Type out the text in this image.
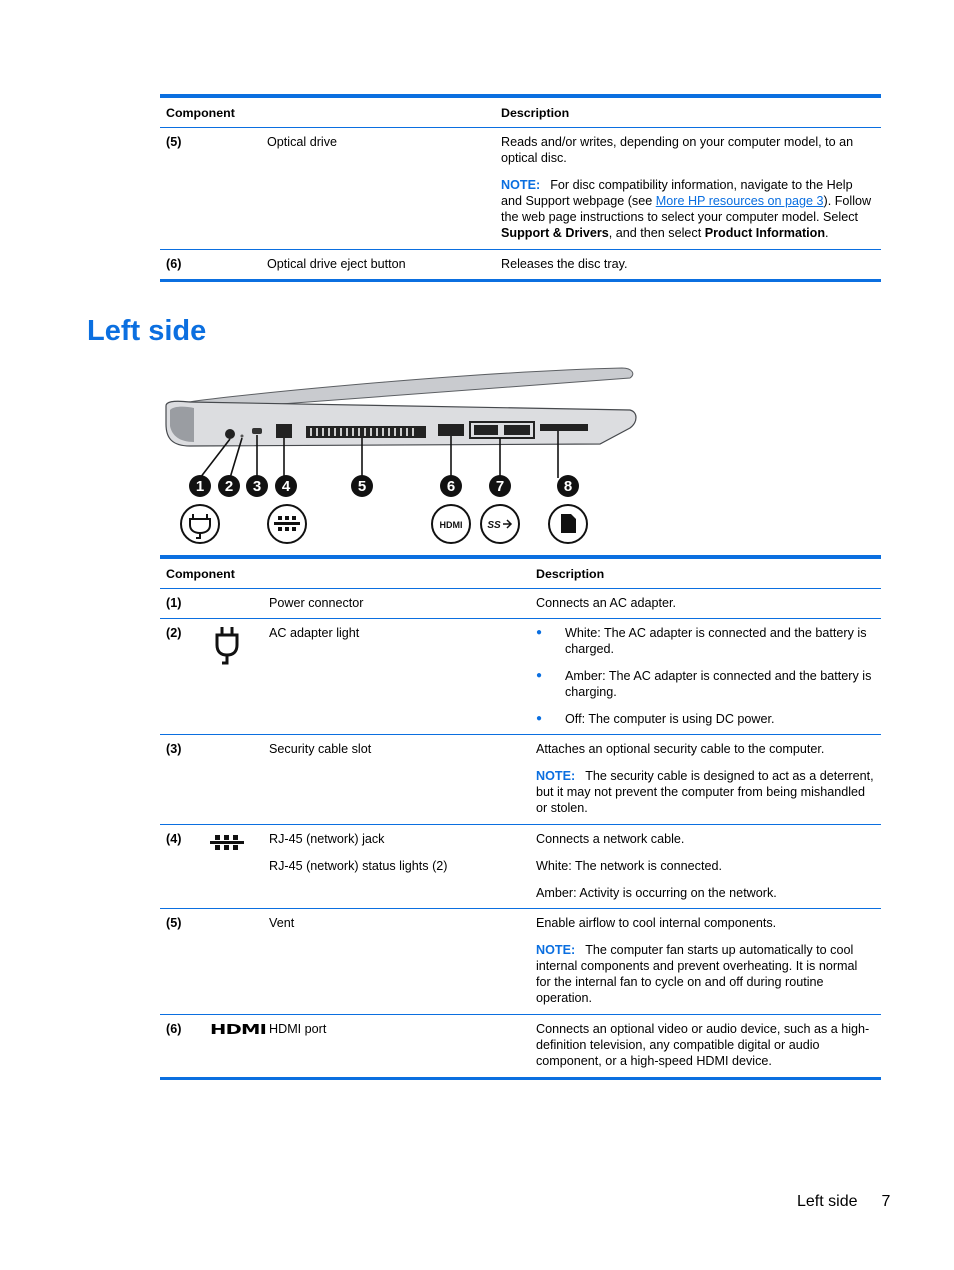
Component	Description
(5)	Optical drive	Reads and/or writes, depending on your computer model, to an optical disc.

NOTE: For disc compatibility information, navigate to the Help and Support webpage (see More HP resources on page 3). Follow the web page instructions to select your computer model. Select Support & Drivers, and then select Product Information.

(6)	Optical drive eject button	Releases the disc tray.
Left side
1 2 3 4	5	6	7	8
HDMI SS
Component	Description
(1)	Power connector	Connects an AC adapter.
(2)	AC adapter light
●	White: The AC adapter is connected and the battery is charged.
● Amber: The AC adapter is connected and the battery is charging.
● Off: The computer is using DC power.
(3)	Security cable slot	Attaches an optional security cable to the computer.

NOTE: The security cable is designed to act as a deterrent, but it may not prevent the computer from being mishandled or stolen.

(4)	RJ-45 (network) jack

RJ-45 (network) status lights (2)

Connects a network cable.

White: The network is connected.

Amber: Activity is occurring on the network.

(5)	Vent	Enable airflow to cool internal components.

NOTE: The computer fan starts up automatically to cool internal components and prevent overheating. It is normal for the internal fan to cycle on and off during routine operation.

(6)	HDMI HDMI port	Connects an optional video or audio device, such as a high-definition television, any compatible digital or audio component, or a high-speed HDMI device.
Left side 7
